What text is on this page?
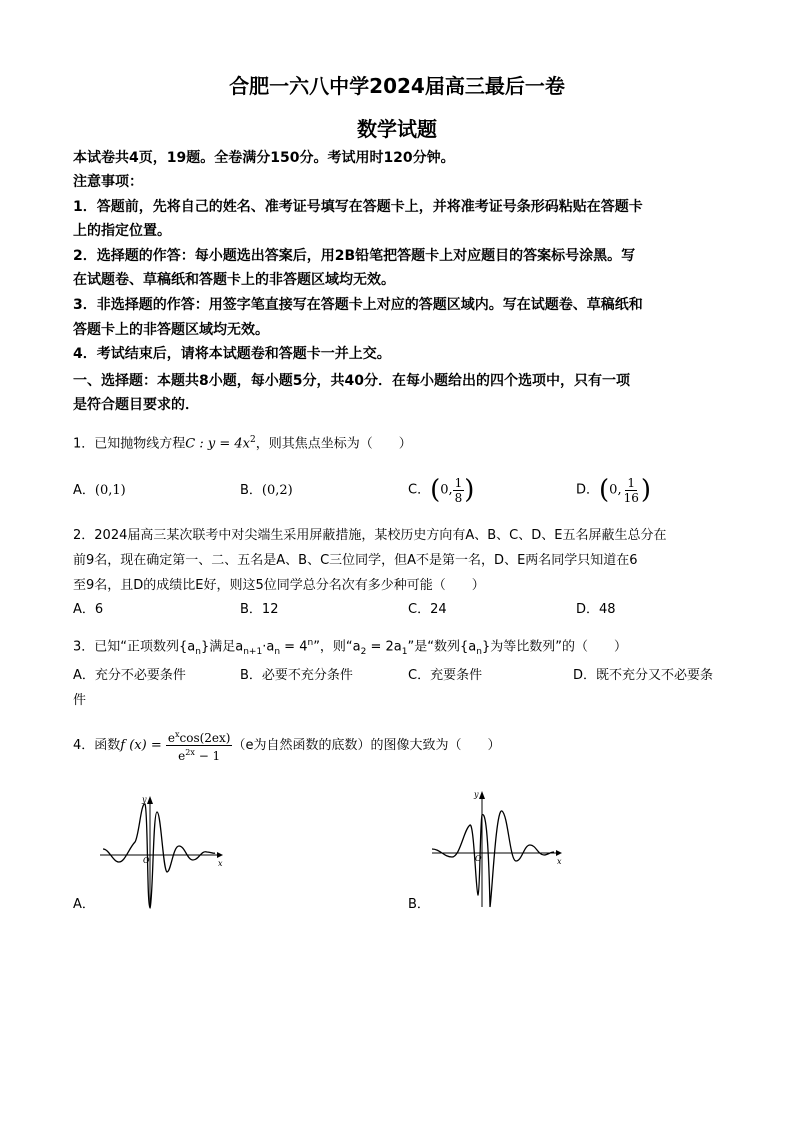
合肥一六八中学2024届高三最后一卷
数学试题
本试卷共4页，19题。全卷满分150分。考试用时120分钟。
注意事项：
1．答题前，先将自己的姓名、准考证号填写在答题卡上，并将准考证号条形码粘贴在答题卡
上的指定位置。
2．选择题的作答：每小题选出答案后，用2B铅笔把答题卡上对应题目的答案标号涂黑。写
在试题卷、草稿纸和答题卡上的非答题区域均无效。
3．非选择题的作答：用签字笔直接写在答题卡上对应的答题区域内。写在试题卷、草稿纸和
答题卡上的非答题区域均无效。
4．考试结束后，请将本试题卷和答题卡一并上交。
一、选择题：本题共8小题，每小题5分，共40分．在每小题给出的四个选项中，只有一项
是符合题目要求的．
1．已知抛物线方程C : $y = 4x^2$，则其焦点坐标为（　　）
A．(0,1)	B．(0,2)	C．(0, $\frac{1}{8}$ )	D．(0, $\frac{1}{16}$ )
2．2024届高三某次联考中对尖端生采用屏蔽措施，某校历史方向有A、B、C、D、E五名屏蔽生总分在
前9名，现在确定第一、二、五名是A、B、C三位同学，但A不是第一名，D、E两名同学只知道在6
至9名，且D的成绩比E好，则这5位同学总分名次有多少种可能（　　）
A．6	B．12	C．24	D．48
3．已知“正项数列$\{a_n\}$满足$a_{n+1}\cdot a_n = 4^n$”，则“$a_2 = 2a_1$”是“数列$\{a_n\}$为等比数列”的（　　）
A．充分不必要条件	B．必要不充分条件	C．充要条件	D．既不充分又不必要条
件
4．函数f $(x) = \frac{e^x\cos(2ex)}{e^{2x} - 1} (e$为自然函数的底数）的图像大致为（　　）
x
y
O
A．
x
y
O
B．
